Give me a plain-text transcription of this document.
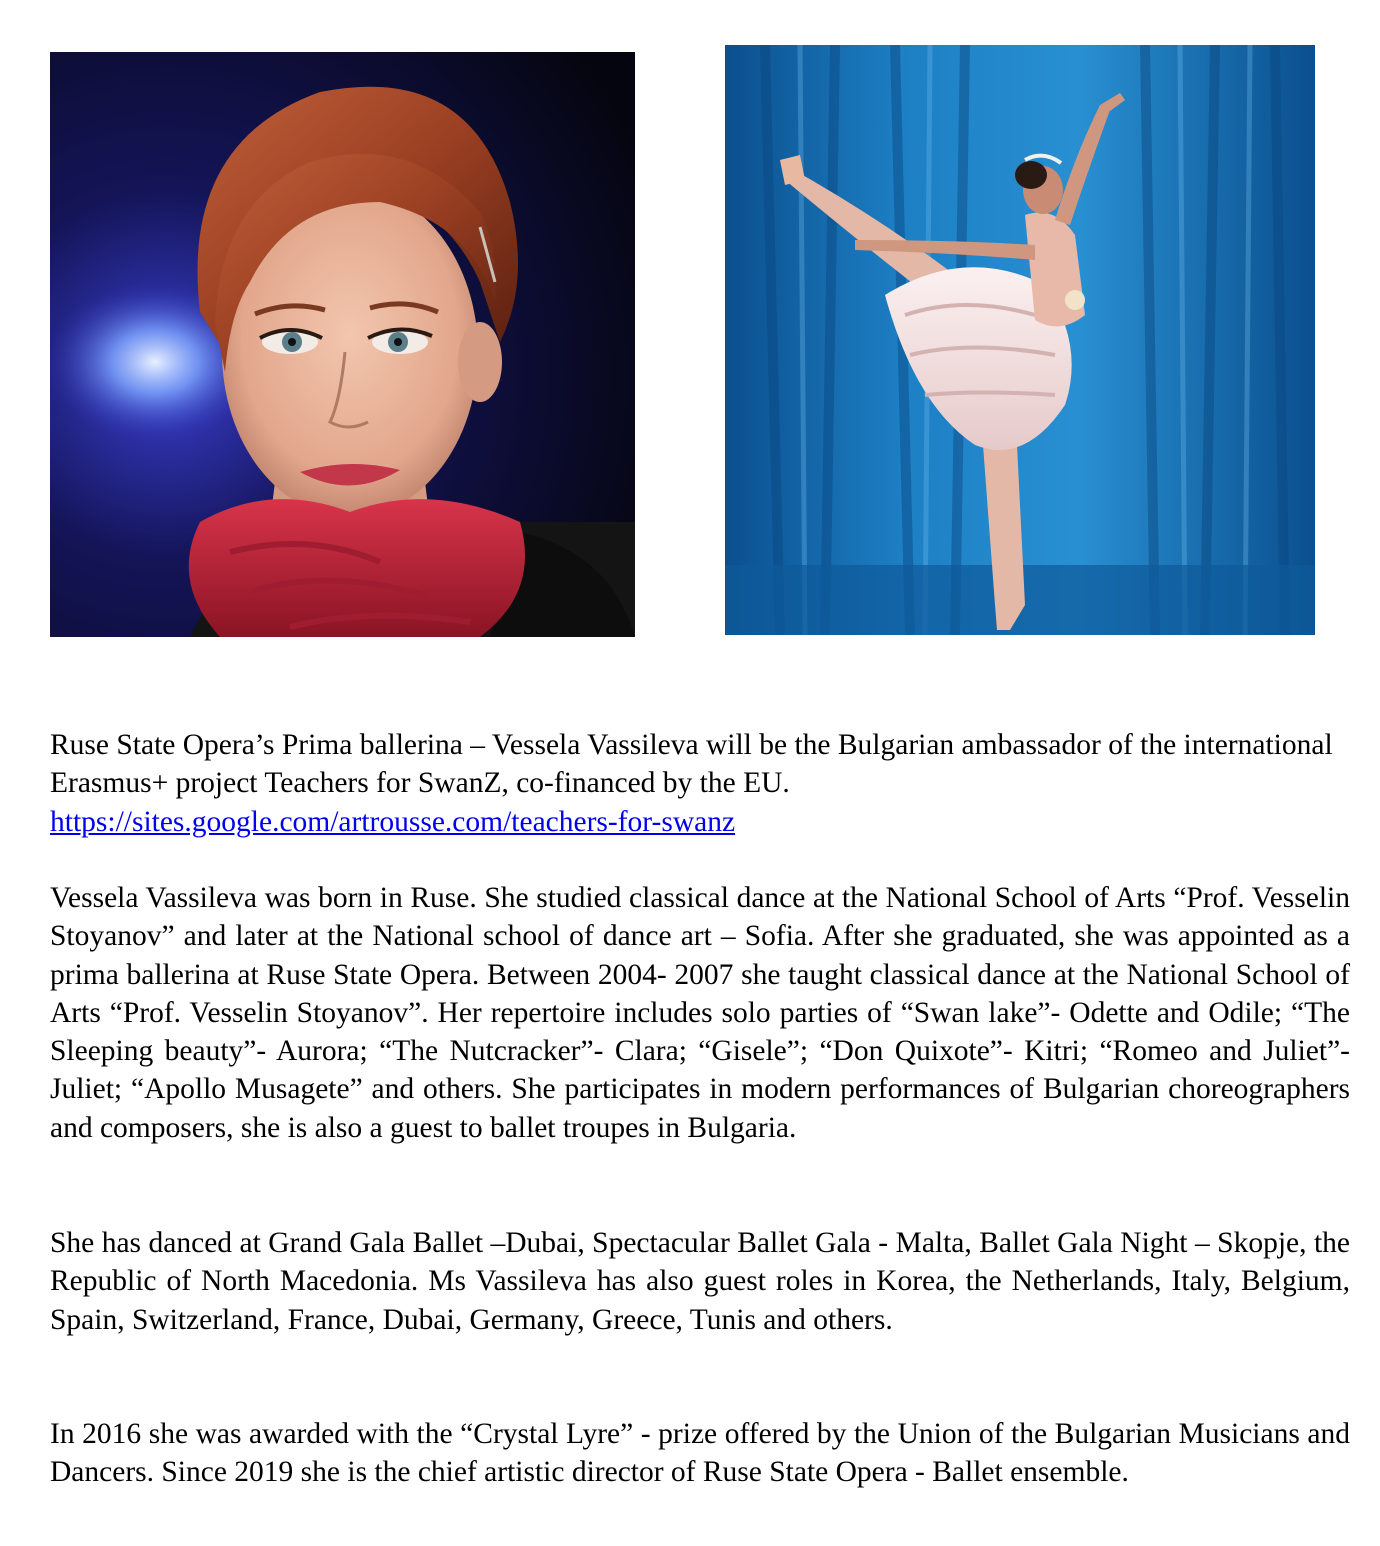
Ruse State Opera’s Prima ballerina – Vessela Vassileva will be the Bulgarian ambassador of the international Erasmus+ project Teachers for SwanZ, co-financed by the EU.
https://sites.google.com/artrousse.com/teachers-for-swanz

Vessela Vassileva was born in Ruse. She studied classical dance at the National School of Arts “Prof. Vesselin Stoyanov” and later at the National school of dance art – Sofia. After she graduated, she was appointed as a prima ballerina at Ruse State Opera. Between 2004- 2007 she taught classical dance at the National School of Arts “Prof. Vesselin Stoyanov”. Her repertoire includes solo parties of “Swan lake”- Odette and Odile; “The Sleeping beauty”- Aurora; “The Nutcracker”- Clara; “Gisele”; “Don Quixote”- Kitri; “Romeo and Juliet”- Juliet; “Apollo Musagete” and others. She participates in modern performances of Bulgarian choreographers and composers, she is also a guest to ballet troupes in Bulgaria.

She has danced at Grand Gala Ballet –Dubai, Spectacular Ballet Gala - Malta, Ballet Gala Night – Skopje, the Republic of North Macedonia. Ms Vassileva has also guest roles in Korea, the Netherlands, Italy, Belgium, Spain, Switzerland, France, Dubai, Germany, Greece, Tunis and others.

In 2016 she was awarded with the “Crystal Lyre” - prize offered by the Union of the Bulgarian Musicians and Dancers. Since 2019 she is the chief artistic director of Ruse State Opera - Ballet ensemble.
